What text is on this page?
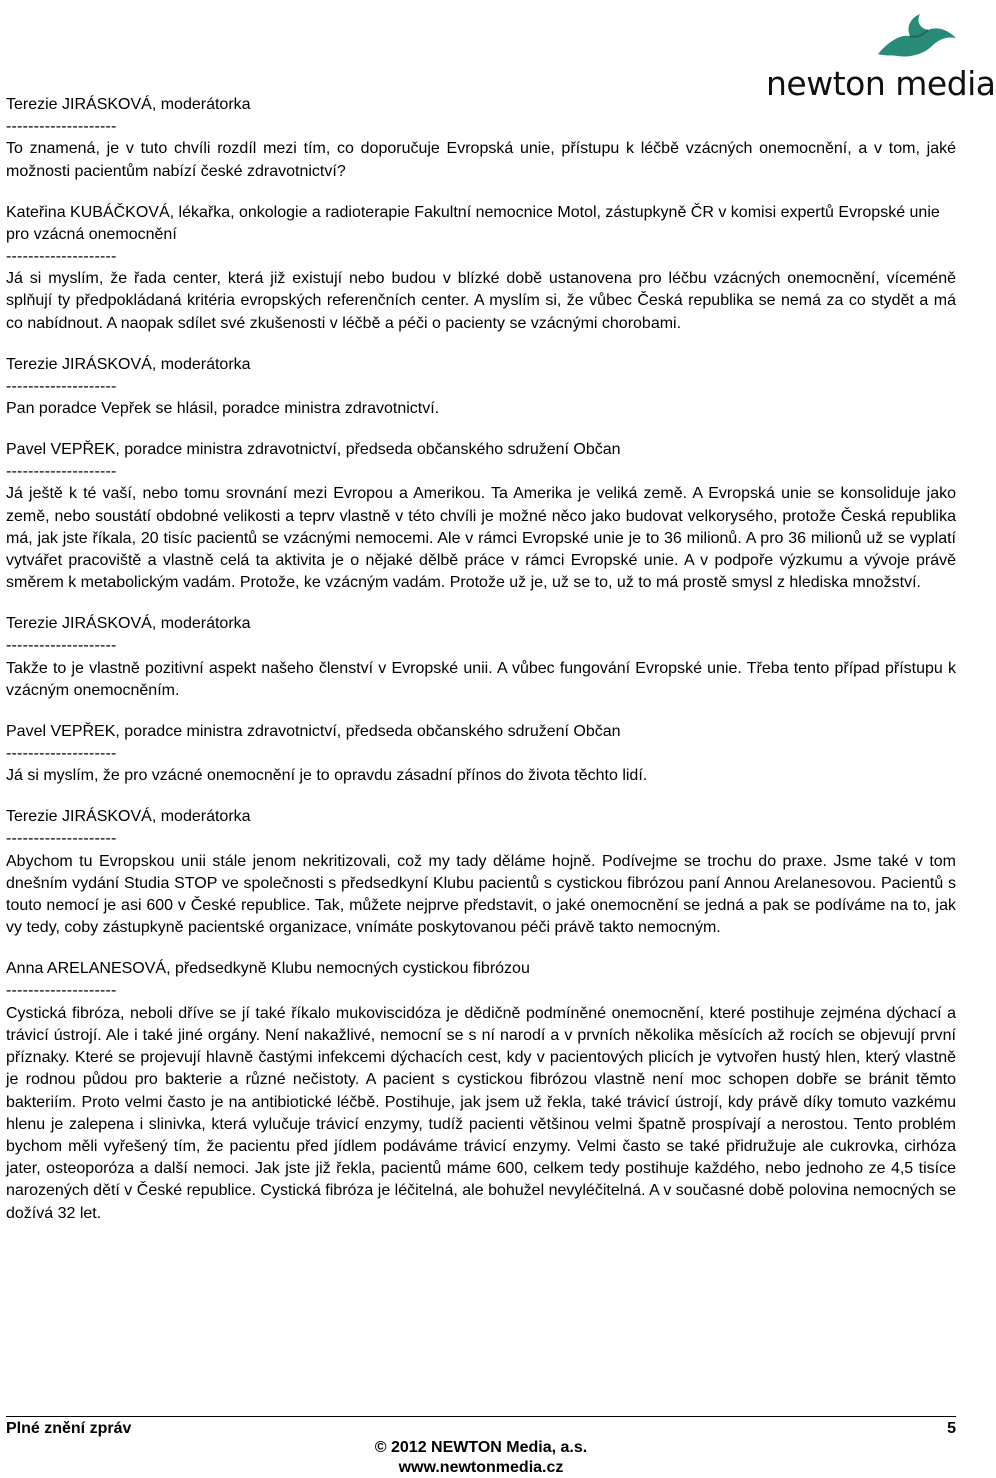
newton media
Terezie JIRÁSKOVÁ, moderátorka
--------------------

To znamená, je v tuto chvíli rozdíl mezi tím, co doporučuje Evropská unie, přístupu k léčbě vzácných onemocnění, a v tom, jaké možnosti pacientům nabízí české zdravotnictví?

Kateřina KUBÁČKOVÁ, lékařka, onkologie a radioterapie Fakultní nemocnice Motol, zástupkyně ČR v komisi expertů Evropské unie pro vzácná onemocnění
--------------------

Já si myslím, že řada center, která již existují nebo budou v blízké době ustanovena pro léčbu vzácných onemocnění, víceméně splňují ty předpokládaná kritéria evropských referenčních center. A myslím si, že vůbec Česká republika se nemá za co stydět a má co nabídnout. A naopak sdílet své zkušenosti v léčbě a péči o pacienty se vzácnými chorobami.

Terezie JIRÁSKOVÁ, moderátorka
--------------------

Pan poradce Vepřek se hlásil, poradce ministra zdravotnictví.

Pavel VEPŘEK, poradce ministra zdravotnictví, předseda občanského sdružení Občan
--------------------

Já ještě k té vaší, nebo tomu srovnání mezi Evropou a Amerikou. Ta Amerika je veliká země. A Evropská unie se konsoliduje jako země, nebo soustátí obdobné velikosti a teprv vlastně v této chvíli je možné něco jako budovat velkorysého, protože Česká republika má, jak jste říkala, 20 tisíc pacientů se vzácnými nemocemi. Ale v rámci Evropské unie je to 36 milionů. A pro 36 milionů už se vyplatí vytvářet pracoviště a vlastně celá ta aktivita je o nějaké dělbě práce v rámci Evropské unie. A v podpoře výzkumu a vývoje právě směrem k metabolickým vadám. Protože, ke vzácným vadám. Protože už je, už se to, už to má prostě smysl z hlediska množství.

Terezie JIRÁSKOVÁ, moderátorka
--------------------

Takže to je vlastně pozitivní aspekt našeho členství v Evropské unii. A vůbec fungování Evropské unie. Třeba tento případ přístupu k vzácným onemocněním.

Pavel VEPŘEK, poradce ministra zdravotnictví, předseda občanského sdružení Občan
--------------------

Já si myslím, že pro vzácné onemocnění je to opravdu zásadní přínos do života těchto lidí.

Terezie JIRÁSKOVÁ, moderátorka
--------------------

Abychom tu Evropskou unii stále jenom nekritizovali, což my tady děláme hojně. Podívejme se trochu do praxe. Jsme také v tom dnešním vydání Studia STOP ve společnosti s předsedkyní Klubu pacientů s cystickou fibrózou paní Annou Arelanesovou. Pacientů s touto nemocí je asi 600 v České republice. Tak, můžete nejprve představit, o jaké onemocnění se jedná a pak se podíváme na to, jak vy tedy, coby zástupkyně pacientské organizace, vnímáte poskytovanou péči právě takto nemocným.

Anna ARELANESOVÁ, předsedkyně Klubu nemocných cystickou fibrózou
--------------------

Cystická fibróza, neboli dříve se jí také říkalo mukoviscidóza je dědičně podmíněné onemocnění, které postihuje zejména dýchací a trávicí ústrojí. Ale i také jiné orgány. Není nakažlivé, nemocní se s ní narodí a v prvních několika měsících až rocích se objevují první příznaky. Které se projevují hlavně častými infekcemi dýchacích cest, kdy v pacientových plicích je vytvořen hustý hlen, který vlastně je rodnou půdou pro bakterie a různé nečistoty. A pacient s cystickou fibrózou vlastně není moc schopen dobře se bránit těmto bakteriím. Proto velmi často je na antibiotické léčbě. Postihuje, jak jsem už řekla, také trávicí ústrojí, kdy právě díky tomuto vazkému hlenu je zalepena i slinivka, která vylučuje trávicí enzymy, tudíž pacienti většinou velmi špatně prospívají a nerostou. Tento problém bychom měli vyřešený tím, že pacientu před jídlem podáváme trávicí enzymy. Velmi často se také přidružuje ale cukrovka, cirhóza jater, osteoporóza a další nemoci. Jak jste již řekla, pacientů máme 600, celkem tedy postihuje každého, nebo jednoho ze 4,5 tisíce narozených dětí v České republice. Cystická fibróza je léčitelná, ale bohužel nevyléčitelná. A v současné době polovina nemocných se dožívá 32 let.

Plné znění zpráv	5
© 2012 NEWTON Media, a.s.
www.newtonmedia.cz
